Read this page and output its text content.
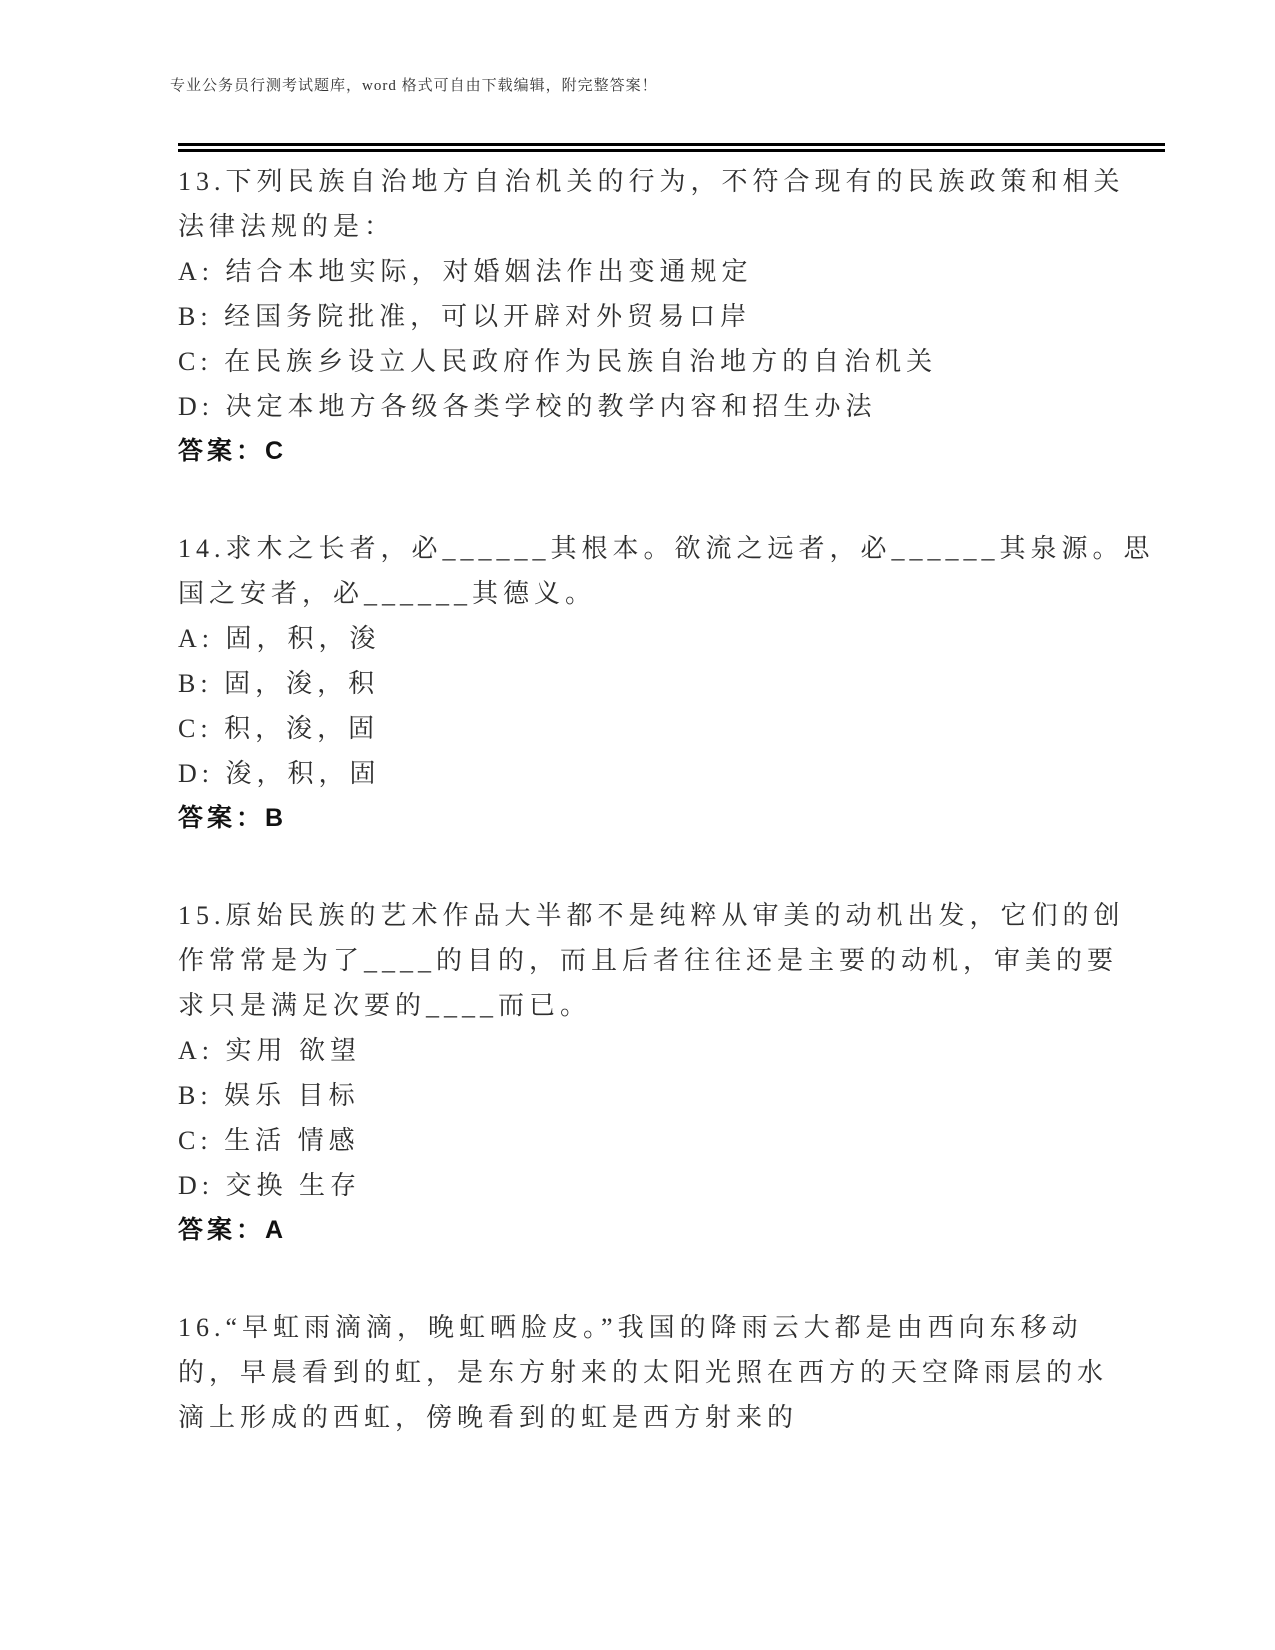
专业公务员行测考试题库，word 格式可自由下载编辑，附完整答案！

13.下列民族自治地方自治机关的行为，不符合现有的民族政策和相关

法律法规的是：

A: 结合本地实际，对婚姻法作出变通规定

B: 经国务院批准，可以开辟对外贸易口岸

C: 在民族乡设立人民政府作为民族自治地方的自治机关

D: 决定本地方各级各类学校的教学内容和招生办法

答案：C

14.求木之长者，必______其根本。欲流之远者，必______其泉源。思

国之安者，必______其德义。

A: 固，积，浚

B: 固，浚，积

C: 积，浚，固

D: 浚，积，固

答案：B

15.原始民族的艺术作品大半都不是纯粹从审美的动机出发，它们的创

作常常是为了____的目的，而且后者往往还是主要的动机，审美的要

求只是满足次要的____而已。

A: 实用 欲望

B: 娱乐 目标

C: 生活 情感

D: 交换 生存

答案：A

16.“早虹雨滴滴，晚虹晒脸皮。”我国的降雨云大都是由西向东移动

的，早晨看到的虹，是东方射来的太阳光照在西方的天空降雨层的水

滴上形成的西虹，傍晚看到的虹是西方射来的
